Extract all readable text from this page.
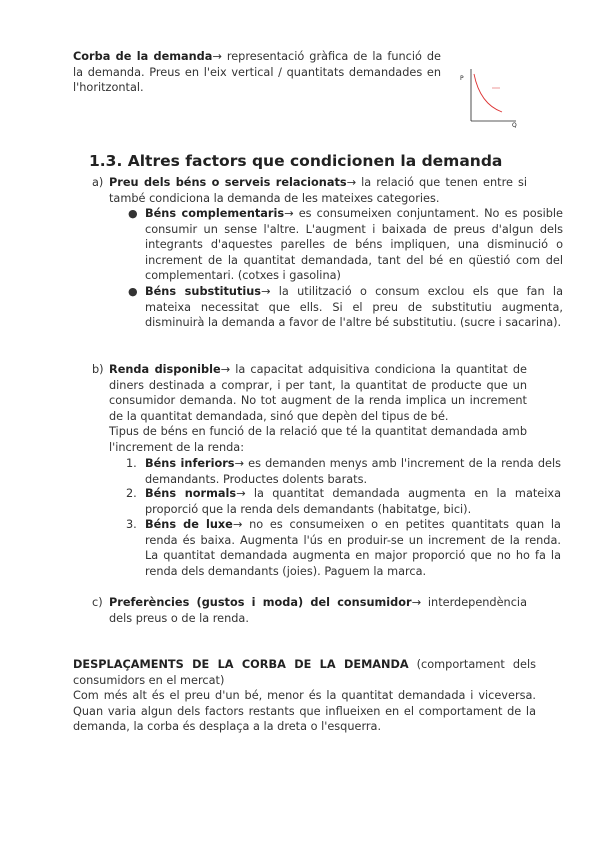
Corba de la demanda→ representació gràfica de la funció de la demanda. Preus en l'eix vertical / quantitats demandades en l'horitzontal.

P
Q
1.3. Altres factors que condicionen la demanda
a) Preu dels béns o serveis relacionats→ la relació que tenen entre si també condiciona la demanda de les mateixes categories.

● Béns complementaris→ es consumeixen conjuntament. No es posible consumir un sense l'altre. L'augment i baixada de preus d'algun dels integrants d'aquestes parelles de béns impliquen, una disminució o increment de la quantitat demandada, tant del bé en qüestió com del complementari. (cotxes i gasolina)

● Béns substitutius→ la utilització o consum exclou els que fan la mateixa necessitat que ells. Si el preu de substitutiu augmenta, disminuirà la demanda a favor de l'altre bé substitutiu. (sucre i sacarina).

b) Renda disponible→ la capacitat adquisitiva condiciona la quantitat de diners destinada a comprar, i per tant, la quantitat de producte que un consumidor demanda. No tot augment de la renda implica un increment de la quantitat demandada, sinó que depèn del tipus de bé.

Tipus de béns en funció de la relació que té la quantitat demandada amb l'increment de la renda:

1. Béns inferiors→ es demanden menys amb l'increment de la renda dels demandants. Productes dolents barats.

2. Béns normals→ la quantitat demandada augmenta en la mateixa proporció que la renda dels demandants (habitatge, bici).

3. Béns de luxe→ no es consumeixen o en petites quantitats quan la renda és baixa. Augmenta l'ús en produir-se un increment de la renda. La quantitat demandada augmenta en major proporció que no ho fa la renda dels demandants (joies). Paguem la marca.

c) Preferències (gustos i moda) del consumidor→ interdependència dels preus o de la renda.

DESPLAÇAMENTS DE LA CORBA DE LA DEMANDA (comportament dels consumidors en el mercat)

Com més alt és el preu d'un bé, menor és la quantitat demandada i viceversa. Quan varia algun dels factors restants que influeixen en el comportament de la demanda, la corba és desplaça a la dreta o l'esquerra.
